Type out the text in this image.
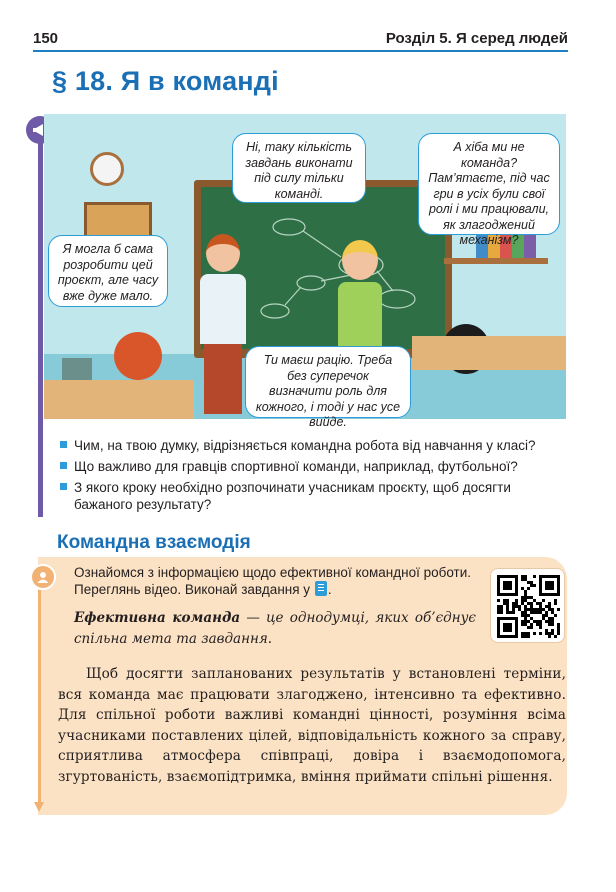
150	Розділ 5. Я серед людей
§ 18. Я в команді
Ні, таку кількість завдань виконати під силу тільки команді.
А хіба ми не команда? Пам’ятаєте, під час гри в усіх були свої ролі і ми працювали, як злагоджений механізм?
Я могла б сама розробити цей проєкт, але часу вже дуже мало.
Ти маєш рацію. Треба без суперечок визначити роль для кожного, і тоді у нас усе вийде.
Чим, на твою думку, відрізняється командна робота від навчання у класі?
Що важливо для гравців спортивної команди, наприклад, футбольної?
З якого кроку необхідно розпочинати учасникам проєкту, щоб досягти бажаного результату?
Командна взаємодія

Ознайомся з інформацією щодо ефективної командної роботи. Переглянь відео. Виконай завдання у .

Ефективна команда — це однодумці, яких об’єднує спільна мета та завдання.

Щоб досягти запланованих результатів у встановлені терміни, вся команда має працювати злагоджено, інтенсивно та ефективно. Для спільної роботи важливі командні цінності, розуміння всіма учасниками поставлених цілей, відповідальність кожного за справу, сприятлива атмосфера співпраці, довіра і взаємодопомога, згуртованість, взаємопідтримка, вміння приймати спільні рішення.
